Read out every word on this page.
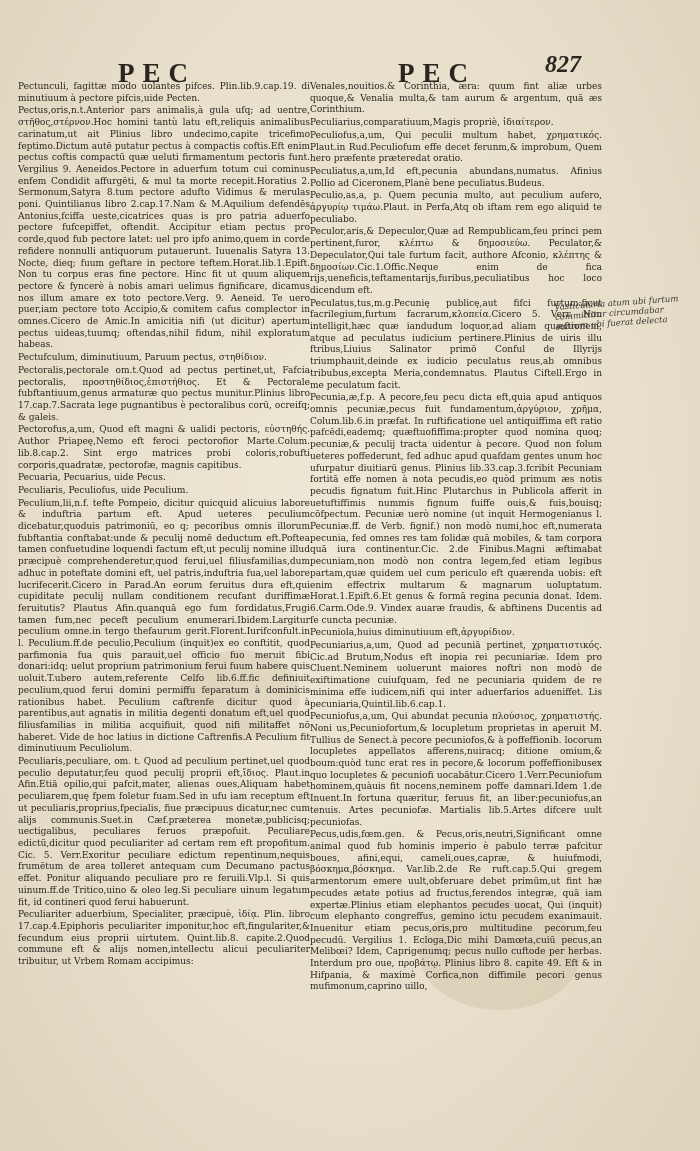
PEC	PEC	827

Pectunculi, fagittæ modo uolantes pifces. Plin.lib.9.cap.19. di minutiuum à pectore pifcis,uide Pecten.

Pectus,oris,n.t.Anterior pars animalis,à gula ufq; ad uentre, στῆθος,στέρνον.Hoc homini tantù latu eft,reliquis animalibus carinatum,ut ait Plinius libro undecimo,capite tricefimo feptimo.Dictum autē putatur pectus à compactis coftis.Eft enim pectus coftis compactū quæ ueluti firmamentum pectoris funt. Vergilius 9. Aeneidos.Pectore in aduerfum totum cui cominus enfem Condidit affurgēti, & mul ta morte recepit.Horatius 2. Sermonum,Satyra 8.tum pectore adufto Vidimus & merulas poni. Quintilianus libro 2.cap.17.Nam & M.Aquilium defendēs Antonius,fciffa ueste,cicatrices quas is pro patria aduerfo pectore fufcepiffet, oftendit. Accipitur etiam pectus pro corde,quod fub pectore latet: uel pro ipfo animo,quem in corde refidere nonnulli antiquorum putauerunt. Iuuenalis Satyra 13. Nocte, dieq; fuum geftare in pectore teftem.Horat.lib.1.Epift. Non tu corpus eras fine pectore. Hinc fit ut quum aliquem pectore & fyncerè à nobis amari uelimus fignificare, dicamus nos illum amare ex toto pectore.Verg. 9. Aeneid. Te uero puer,iam pectore toto Accipio,& comitem cafus complector in omnes.Cicero de Amic.In amicitia nifi (ut dicitur) apertum pectus uideas,tuumq; oftendas,nihil fidum, nihil exploratum habeas.

Pectufculum, diminutiuum, Paruum pectus, στηθίδιον.

Pectoralis,pectorale om.t.Quod ad pectus pertinet,ut, Fafcia pectoralis, προστηθίδιος,ἐπιστήθιος. Et & Pectorale fubftantiuum,genus armaturæ quo pectus munitur.Plinius libro 17.cap.7.Sacrata lege pugnantibus è pectoralibus corū, ocreifq; & galeis.

Pectorofus,a,um, Quod eft magni & ualidi pectoris, εὐστηθής. Author Priapeę,Nemo eft feroci pectorofior Marte.Colum. lib.8.cap.2. Sint ergo matrices probi coloris,robufti corporis,quadratæ, pectorofæ, magnis capitibus.

Pecuaria, Pecuarius, uide Pecus.

Peculiaris, Peculiofus, uide Peculium.

Peculium,lii,n.f. tefte Pompeio, dicitur quicquid alicuius labore & induftria partum eft. Apud ueteres peculium dicebatur,quoduis patrimoniū, eo q; pecoribus omnis illorum fubftantia conftabat:unde & peculij nomē deductum eft.Poftea tamen confuetudine loquendi factum eft,ut peculij nomine illud præcipuè comprehenderetur,quod ferui,uel filiusfamilias,dum adhuc in poteftate domini eft, uel patris,induftria fua,uel labore lucrifecerit.Cicero in Parad.An eorum feruitus dura eft,qui cupiditate peculij nullam conditionem recufant duriffimæ feruitutis? Plautus Afin.quanquā ego fum fordidatus,Frugi tamen fum,nec peceft peculium enumerari.Ibidem.Largitur peculium omne.in tergo thefaurum gerit.Florent.Iurifconfult.in l. Peculium.ff.de peculio,Peculium (inquit)ex eo conftitit, quod parfimonia fua quis parauit,uel officio fuo meruit fibi donari:idq; uelut proprium patrimonium ferui fuum habere quis uoluit.T.ubero autem,referente Celfo lib.6.ff.fic definiuit peculium,quod ferui domini permiffu feparatum à dominicis rationibus habet. Peculium caftrenfe dicitur quod à parentibus,aut agnatis in militia degenti donatum eft,uel quod filiusfamilias in militia acquifiuit, quod nifi militaffet nō haberet. Vide de hoc latius in dictione Caftrenfis.A Peculium fit diminutiuum Peculiolum.

Peculiaris,peculiare, om. t. Quod ad peculium pertinet,uel quod peculio deputatur,feu quod peculij proprii eft,ἴδιος. Plaut.in Afin.Etiā opilio,qui pafcit,mater, alienas oues,Aliquam habet peculiarem,quę fpem foletur fuam.Sed in ufu iam receptum eft ut peculiaris,proprius,fpecialis, fiue præcipuus dicatur,nec cum alijs communis.Suet.in Cæf.præterea monetæ,publicisq; uectigalibus, peculiares feruos præpofuit. Peculiare edictū,dicitur quod peculiariter ad certam rem eft propofitum. Cic. 5. Verr.Exoritur peculiare edictum repentinum,nequis frumētum de area tolleret antequam cum Decumano pactus effet. Ponitur aliquando peculiare pro re feruili.Vlp.l. Si quis uinum.ff.de Tritico,uino & oleo leg.Si peculiare uinum legatum fit, id contineri quod ferui habuerunt.

Peculiariter aduerbium, Specialiter, præcipuè, ἰδίᾳ. Plin. libro 17.cap.4.Epiphoris peculiariter imponitur,hoc eft,fingulariter,& fecundum eius proprii uirtutem. Quint.lib.8. capite.2.Quod commune eft & alijs nomen,intellectu alicui peculiariter tribuitur, ut Vrbem Romam accipimus:

Venales,nouitios.& Corinthia, æra: quum fint aliæ urbes quoque,& Venalia multa,& tam aurum & argentum, quā æs Corinthium.

Peculiarius,comparatiuum,Magis propriè, ἰδιαίτερον.

Peculiofus,a,um, Qui peculii multum habet, χρηματικός. Plaut.in Rud.Peculiofum effe decet ferunm,& improbum, Quem hero præfente præteredat oratio.

Peculiatus,a,um,Id eft,pecunia abundans,numatus. Afinius Pollio ad Ciceronem,Planè bene peculiatus.Budeus.

Peculio,as,a, p. Quem pecunia multo, aut peculium aufero, ἀργυρίῳ τιμάω.Plaut. in Perfa,Atq ob iftam rem ego aliquid te peculiabo.

Peculor,aris,& Depeculor,Quæ ad Rempublicam,feu princi pem pertinent,furor, κλέπτω & δημοσιεύω. Peculator,& Depeculator,Qui tale furtum facit, authore Afconio, κλέπτης & δημοσίων.Cic.1.Offic.Neque enim de fica rijs,ueneficis,teftamentarijs,furibus,peculiatibus hoc loco dicendum eft.

Peculatus,tus,m.g.Pecunię publicę,aut fifci furtum:ficut facrilegium,furtum facrarum,κλοπεία.Cicero 5. Verr. Non intelligit,hæc quæ iandudum loquor,ad aliam quæftionem, atque ad peculatus iudicium pertinere.Plinius de uiris illu ftribus,Liuius Salinator primō Conful de Illyrijs triumphauit,deinde ex iudicio peculatus reus,ab omnibus tribubus,excepta Meria,condemnatus. Plautus Ciftell.Ergo in me peculatum facit.

Pecunia,æ,f.p. A pecore,feu pecu dicta eft,quia apud antiquos omnis pecuniæ,pecus fuit fundamentum,ἀργύριον, χρῆμα, Colum.lib.6.in præfat. In ruftificatione uel antiquiffima eft ratio pafcēdi,eademq; quæftuofiffima:propter quod nomina quoq; pecuniæ,& peculij tracta uidentur à pecore. Quod non folum ueteres poffederunt, fed adhuc apud quafdam gentes unum hoc ufurpatur diuitiarū genus. Plinius lib.33.cap.3.fcribit Pecuniam fortitā effe nomen à nota pecudis,eo quòd primum æs notis pecudis fignatum fuit.Hinc Plutarchus in Publicola afferit in uetuftiffimis nummis fignum fuiffe ouis,& fuis,bouisq; cōfpectum. Pecuniæ uerò nomine (ut inquit Hermogenianus l. Pecuniæ.ff. de Verb. fignif.) non modò numi,hoc eft,numerata pecunia, fed omnes res tam folidæ quā mobiles, & tam corpora quā iura continentur.Cic. 2.de Finibus.Magni æftimabat pecuniam,non modò non contra legem,fed etiam legibus partam,quæ quidem uel cum periculo eft quærenda uobis: eft enim effectrix multarum & magnarum uoluptatum. Horat.1.Epift.6.Et genus & formā regina pecunia donat. Idem. 6.Carm.Ode.9. Vindex auaræ fraudis, & abftinens Ducentis ad fe cuncta pecuniæ.

Pecuniola,huius diminutiuum eft,ἀργυρίδιον.

Pecuniarius,a,um, Quod ad pecuniā pertinet, χρηματιστικός. Cic.ad Brutum,Nodus eft inopia rei pecuniariæ. Idem pro Cluent.Neminem uoluerunt maiores noftri non modò de exiftimatione cuiufquam, fed ne pecuniaria quidem de re minima effe iudicem,nifi qui inter aduerfarios adueniffet. Lis pecuniaria,Quintil.lib.6.cap.1.

Pecuniofus,a,um, Qui abundat pecunia πλούσιος, χρηματιστής. Noni us,Pecuniofortum,& locupletum proprietas in aperuit M. Tullius de Senect.à pecore pecuniofos,& à poffeffionib. locorum locupletes appellatos afferens,nuiracq; ditione omium,& boum:quòd tunc erat res in pecore,& locorum poffeffionibusex quo locupletes & pecuniofi uocabātur.Cicero 1.Verr.Pecuniofum hominem,quàuis fit nocens,neminem poffe damnari.Idem 1.de Inuent.In fortuna quæritur, feruus fit, an liber:pecuniofus,an tenuis. Artes pecuniofæ. Martialis lib.5.Artes difcere uult pecuniofas.

Pecus,udis,fœm.gen. & Pecus,oris,neutri,Significant omne animal quod fub hominis imperio è pabulo terræ pafcitur boues, afini,equi, cameli,oues,capræ, & huiufmodi, βόσκημα,βόσκημα. Var.lib.2.de Re ruft.cap.5.Qui gregem armentorum emere uult,obferuare debet primūm,ut fint hæ pecudes ætate potius ad fructus,ferendos integræ, quā iam expertæ.Plinius etiam elephantos pecudes uocat, Qui (inquit) cum elephanto congreffus, gemino ictu pecudem exanimauit. Inuenitur etiam pecus,oris,pro multitudine pecorum,feu pecudū. Vergilius 1. Ecloga,Dic mihi Damœta,cuiū pecus,an Melibœi? Idem, Caprigenumq; pecus nullo cuftode per herbas. Interdum pro oue, προβάτῳ. Plinius libro 8. capite 49. Eft & in Hifpania, & maximè Corfica,non diffimile pecori genus mufimonum,caprino uillo,

Vasticularia atum ubi furtum committitur circumdabar suarum ubi fuerat delecta
